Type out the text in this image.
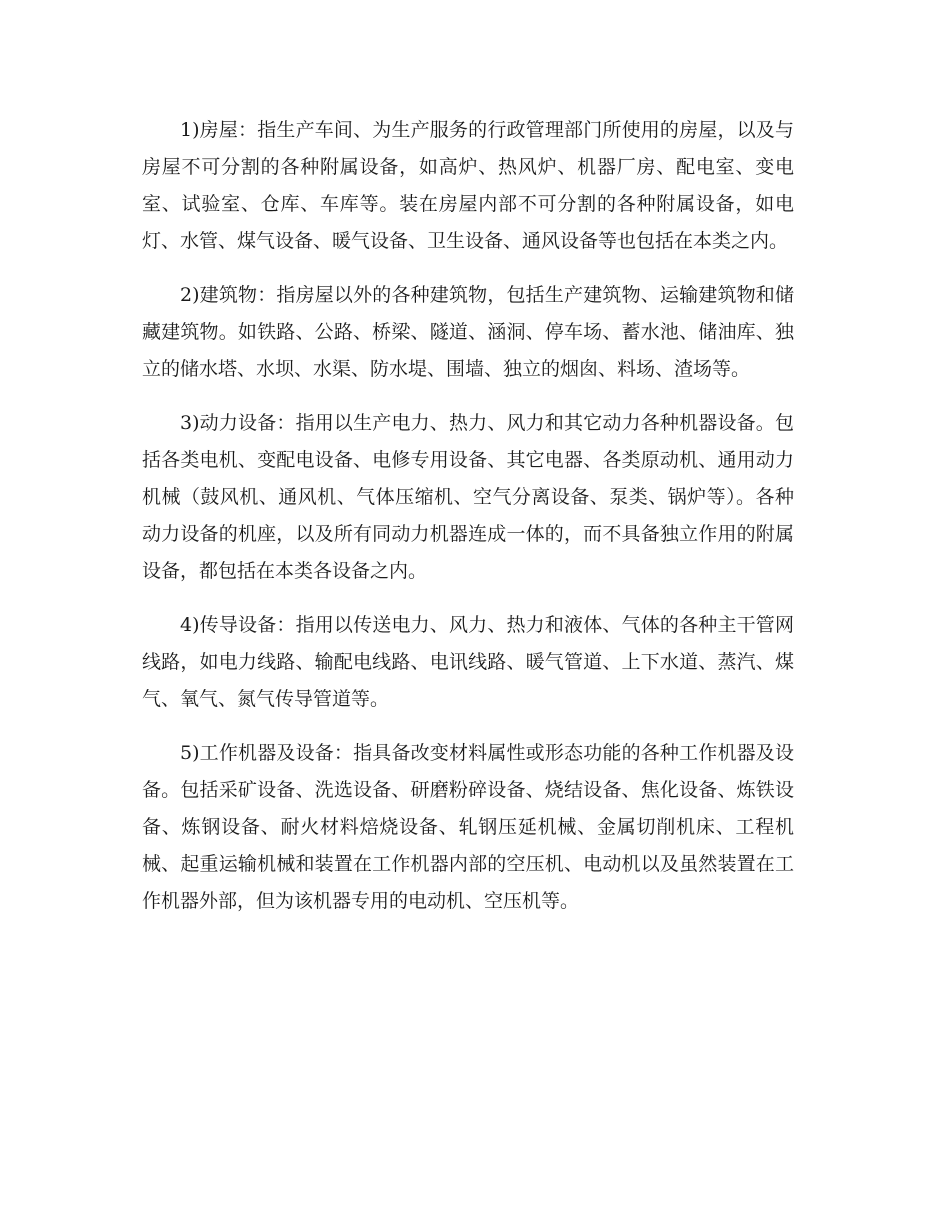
1)房屋：指生产车间、为生产服务的行政管理部门所使用的房屋，以及与房屋不可分割的各种附属设备，如高炉、热风炉、机器厂房、配电室、变电室、试验室、仓库、车库等。装在房屋内部不可分割的各种附属设备，如电灯、水管、煤气设备、暖气设备、卫生设备、通风设备等也包括在本类之内。

2)建筑物：指房屋以外的各种建筑物，包括生产建筑物、运输建筑物和储藏建筑物。如铁路、公路、桥梁、隧道、涵洞、停车场、蓄水池、储油库、独立的储水塔、水坝、水渠、防水堤、围墙、独立的烟囱、料场、渣场等。

3)动力设备：指用以生产电力、热力、风力和其它动力各种机器设备。包括各类电机、变配电设备、电修专用设备、其它电器、各类原动机、通用动力机械（鼓风机、通风机、气体压缩机、空气分离设备、泵类、锅炉等）。各种动力设备的机座，以及所有同动力机器连成一体的，而不具备独立作用的附属设备，都包括在本类各设备之内。

4)传导设备：指用以传送电力、风力、热力和液体、气体的各种主干管网线路，如电力线路、输配电线路、电讯线路、暖气管道、上下水道、蒸汽、煤气、氧气、氮气传导管道等。

5)工作机器及设备：指具备改变材料属性或形态功能的各种工作机器及设备。包括采矿设备、洗选设备、研磨粉碎设备、烧结设备、焦化设备、炼铁设备、炼钢设备、耐火材料焙烧设备、轧钢压延机械、金属切削机床、工程机械、起重运输机械和装置在工作机器内部的空压机、电动机以及虽然装置在工作机器外部，但为该机器专用的电动机、空压机等。
